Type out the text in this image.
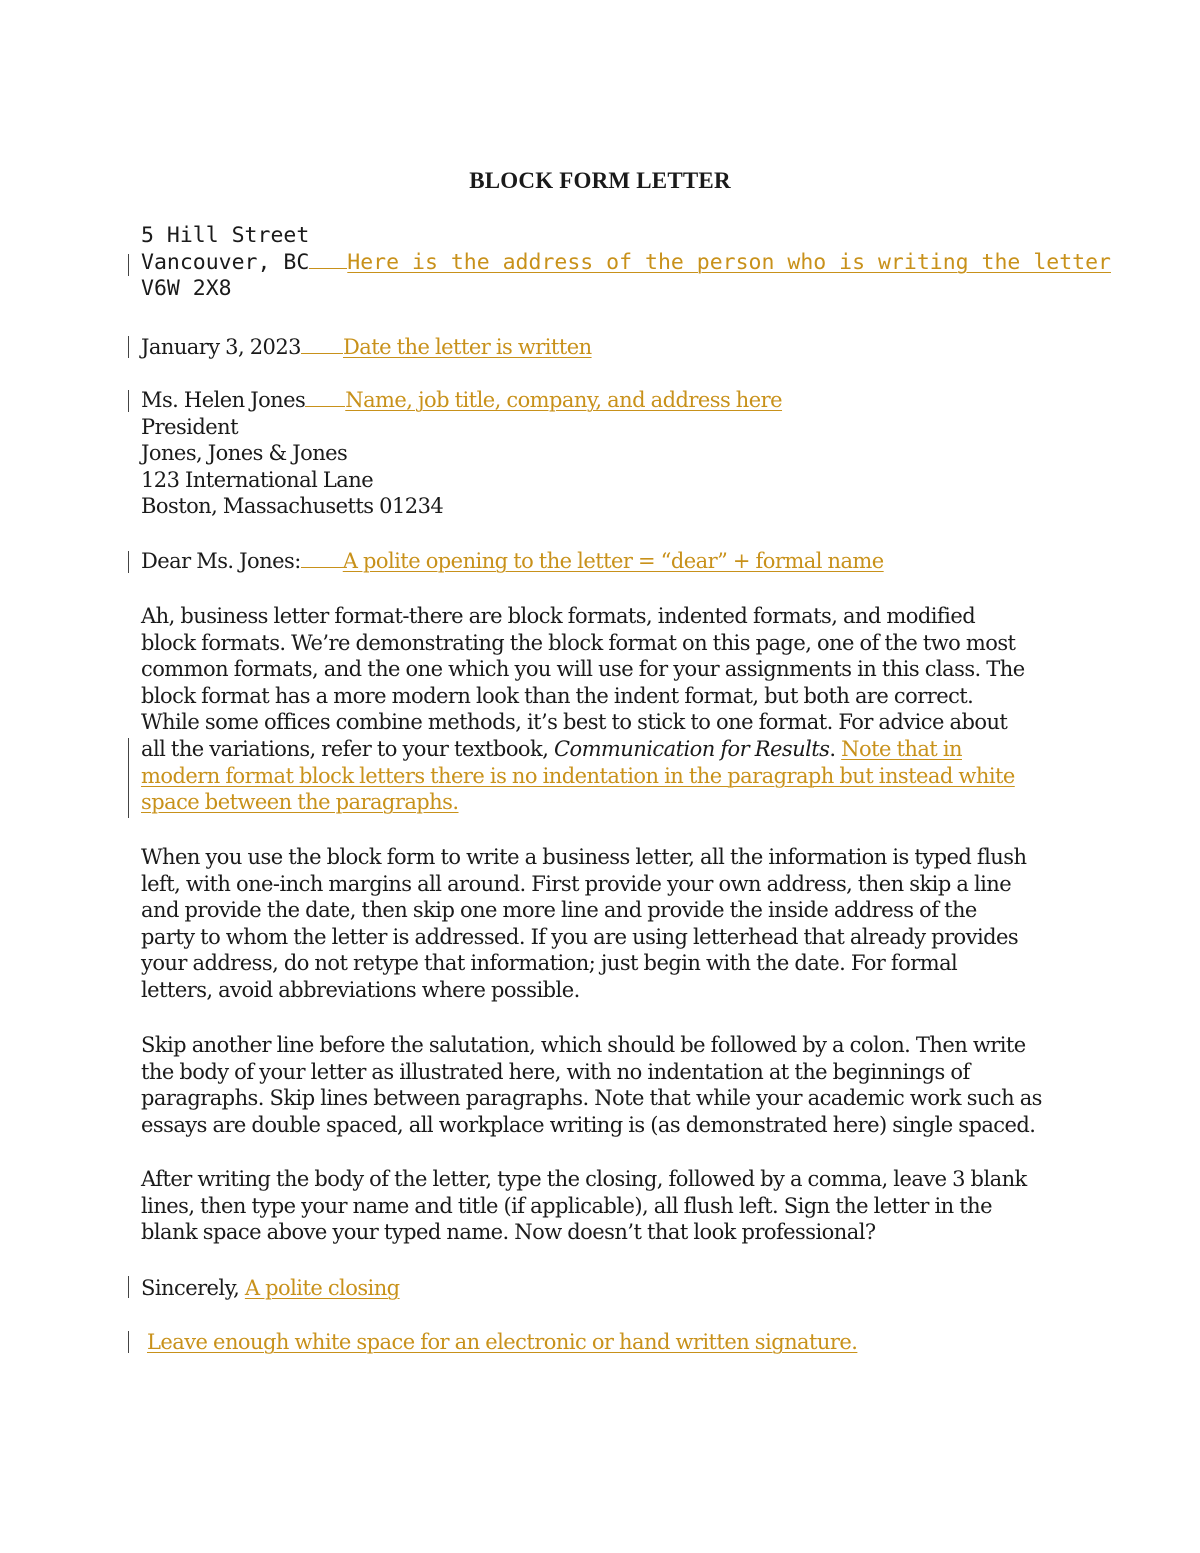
BLOCK FORM LETTER
5 Hill Street
Vancouver, BC Here is the address of the person who is writing the letter
V6W 2X8
January 3, 2023 Date the letter is written
Ms. Helen Jones Name, job title, company, and address here
President
Jones, Jones & Jones
123 International Lane
Boston, Massachusetts 01234
Dear Ms. Jones: A polite opening to the letter = “dear” + formal name
Ah, business letter format-there are block formats, indented formats, and modified
block formats. We’re demonstrating the block format on this page, one of the two most
common formats, and the one which you will use for your assignments in this class. The
block format has a more modern look than the indent format, but both are correct.
While some offices combine methods, it’s best to stick to one format. For advice about
all the variations, refer to your textbook, Communication for Results. Note that in
modern format block letters there is no indentation in the paragraph but instead white
space between the paragraphs.
When you use the block form to write a business letter, all the information is typed flush
left, with one-inch margins all around. First provide your own address, then skip a line
and provide the date, then skip one more line and provide the inside address of the
party to whom the letter is addressed. If you are using letterhead that already provides
your address, do not retype that information; just begin with the date. For formal
letters, avoid abbreviations where possible.
Skip another line before the salutation, which should be followed by a colon. Then write
the body of your letter as illustrated here, with no indentation at the beginnings of
paragraphs. Skip lines between paragraphs. Note that while your academic work such as
essays are double spaced, all workplace writing is (as demonstrated here) single spaced.
After writing the body of the letter, type the closing, followed by a comma, leave 3 blank
lines, then type your name and title (if applicable), all flush left. Sign the letter in the
blank space above your typed name. Now doesn’t that look professional?
Sincerely, A polite closing
Leave enough white space for an electronic or hand written signature.
